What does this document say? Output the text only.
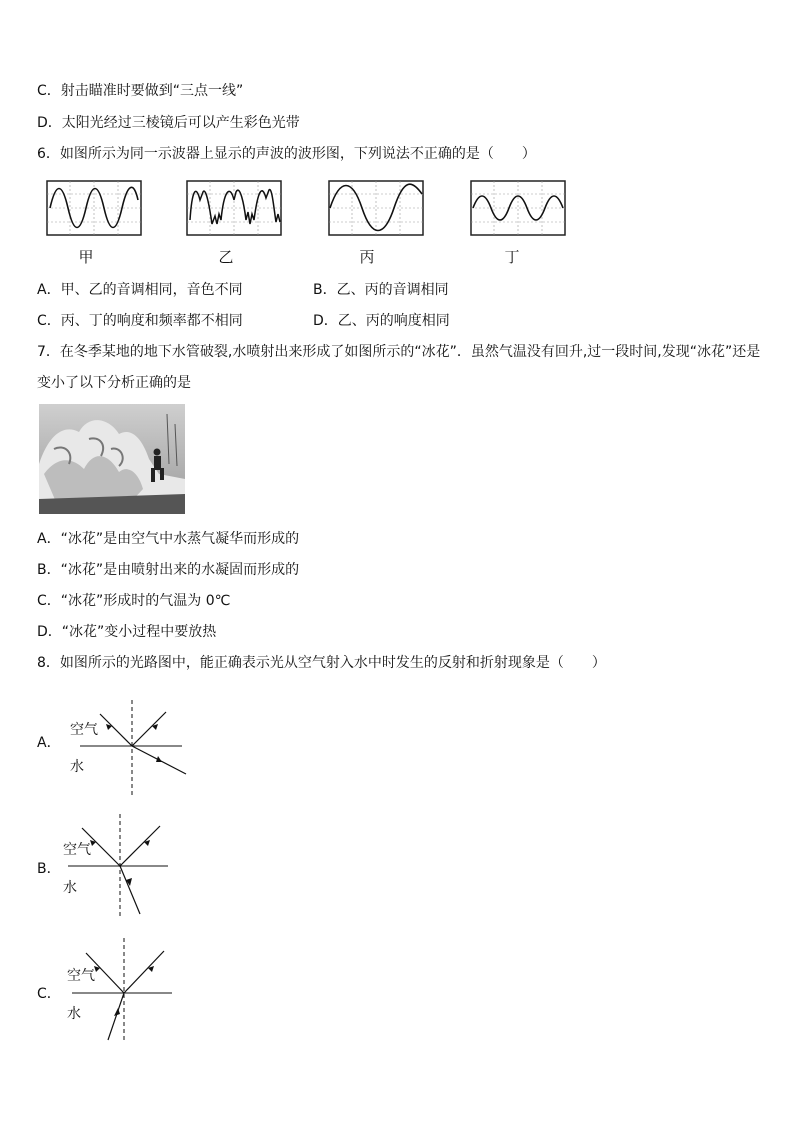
C．射击瞄准时要做到“三点一线”
D．太阳光经过三棱镜后可以产生彩色光带
6．如图所示为同一示波器上显示的声波的波形图，下列说法不正确的是（　　）
甲	乙	丙	丁
A．甲、乙的音调相同，音色不同	B．乙、丙的音调相同
C．丙、丁的响度和频率都不相同	D．乙、丙的响度相同
7．在冬季某地的地下水管破裂,水喷射出来形成了如图所示的“冰花”．虽然气温没有回升,过一段时间,发现“冰花”还是
变小了以下分析正确的是
A．“冰花”是由空气中水蒸气凝华而形成的
B．“冰花”是由喷射出来的水凝固而形成的
C．“冰花”形成时的气温为 0℃
D．“冰花”变小过程中要放热
8．如图所示的光路图中，能正确表示光从空气射入水中时发生的反射和折射现象是（　　）
A．
空气
水
B．
空气
水
C．
空气
水
